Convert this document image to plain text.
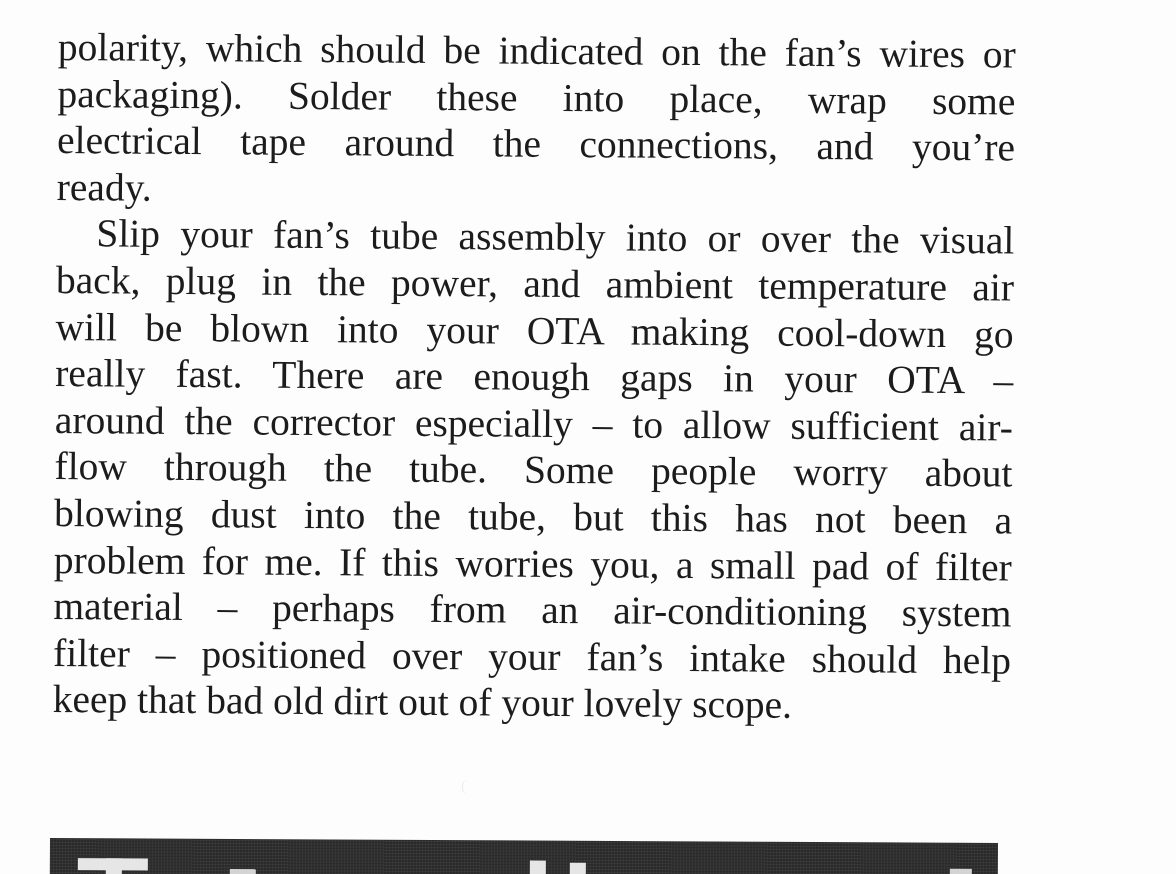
polarity, which should be indicated on the fan’s wires or
packaging). Solder these into place, wrap some
electrical tape around the connections, and you’re
ready.
Slip your fan’s tube assembly into or over the visual
back, plug in the power, and ambient temperature air
will be blown into your OTA making cool-down go
really fast. There are enough gaps in your OTA –
around the corrector especially – to allow sufficient air-
flow through the tube. Some people worry about
blowing dust into the tube, but this has not been a
problem for me. If this worries you, a small pad of filter
material – perhaps from an air-conditioning system
filter – positioned over your fan’s intake should help
keep that bad old dirt out of your lovely scope.
